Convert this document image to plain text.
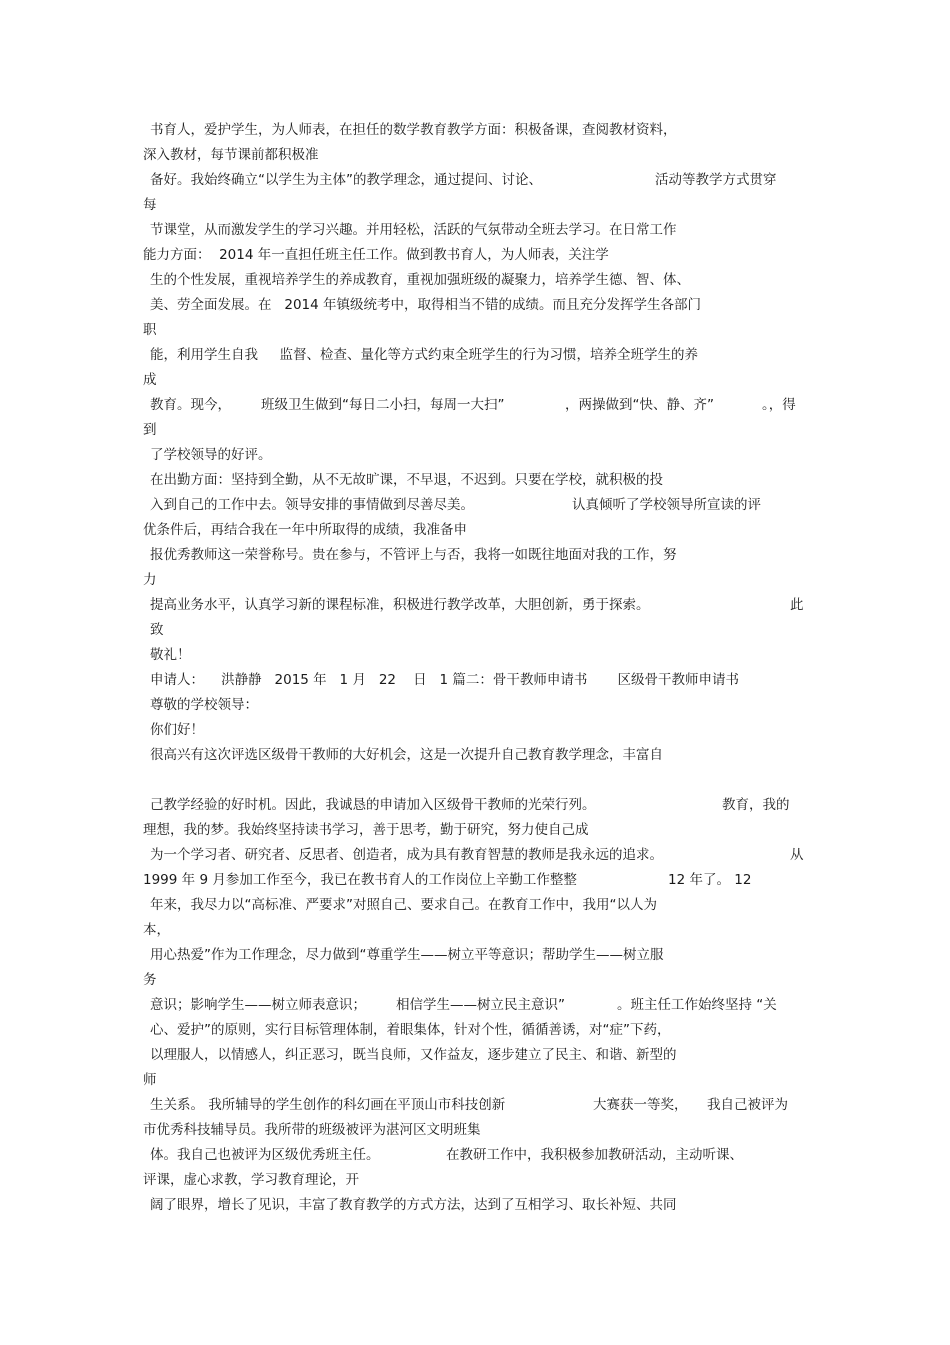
书育人，爱护学生，为人师表，在担任的数学教育教学方面：积极备课，查阅教材资料，
深入教材，每节课前都积极准
备好。我始终确立“以学生为主体”的教学理念，通过提问、讨论、	活动等教学方式贯穿
每
节课堂，从而激发学生的学习兴趣。并用轻松，活跃的气氛带动全班去学习。在日常工作
能力方面：  2014 年一直担任班主任工作。做到教书育人，为人师表，关注学
生的个性发展，重视培养学生的养成教育，重视加强班级的凝聚力，培养学生德、智、体、
美、劳全面发展。在   2014 年镇级统考中，取得相当不错的成绩。而且充分发挥学生各部门
职
能，利用学生自我     监督、检查、量化等方式约束全班学生的行为习惯，培养全班学生的养
成
教育。现今，       班级卫生做到“每日二小扫，每周一大扫”	，两操做到“快、静、齐”	。，得
到
了学校领导的好评。
在出勤方面：坚持到全勤，从不无故旷课，不早退，不迟到。只要在学校，就积极的投
入到自己的工作中去。领导安排的事情做到尽善尽美。	认真倾听了学校领导所宣读的评
优条件后，再结合我在一年中所取得的成绩，我准备申
报优秀教师这一荣誉称号。贵在参与，不管评上与否，我将一如既往地面对我的工作，努
力
提高业务水平，认真学习新的课程标准，积极进行教学改革，大胆创新，勇于探索。	此
致
敬礼！
申请人：    洪静静   2015 年   1 月   22    日   1 篇二：骨干教师申请书       区级骨干教师申请书
尊敬的学校领导：
你们好！
很高兴有这次评选区级骨干教师的大好机会，这是一次提升自己教育教学理念，丰富自
己教学经验的好时机。因此，我诚恳的申请加入区级骨干教师的光荣行列。	教育，我的
理想，我的梦。我始终坚持读书学习，善于思考，勤于研究，努力使自己成
为一个学习者、研究者、反思者、创造者，成为具有教育智慧的教师是我永远的追求。	从
1999 年 9 月参加工作至今，我已在教书育人的工作岗位上辛勤工作整整	12 年了。 12
年来，我尽力以“高标准、严要求”对照自己、要求自己。在教育工作中，我用“以人为
本，
用心热爱”作为工作理念，尽力做到“尊重学生——树立平等意识；帮助学生——树立服
务
意识；影响学生——树立师表意识；       相信学生——树立民主意识”	。班主任工作始终坚持 “关
心、爱护”的原则，实行目标管理体制，着眼集体，针对个性，循循善诱，对“症”下药，
以理服人，以情感人，纠正恶习，既当良师，又作益友，逐步建立了民主、和谐、新型的
师
生关系。 我所辅导的学生创作的科幻画在平顶山市科技创新	大赛获一等奖， 我自己被评为
市优秀科技辅导员。我所带的班级被评为湛河区文明班集
体。我自己也被评为区级优秀班主任。	在教研工作中，我积极参加教研活动，主动听课、
评课，虚心求教，学习教育理论，开
阔了眼界，增长了见识，丰富了教育教学的方式方法，达到了互相学习、取长补短、共同
